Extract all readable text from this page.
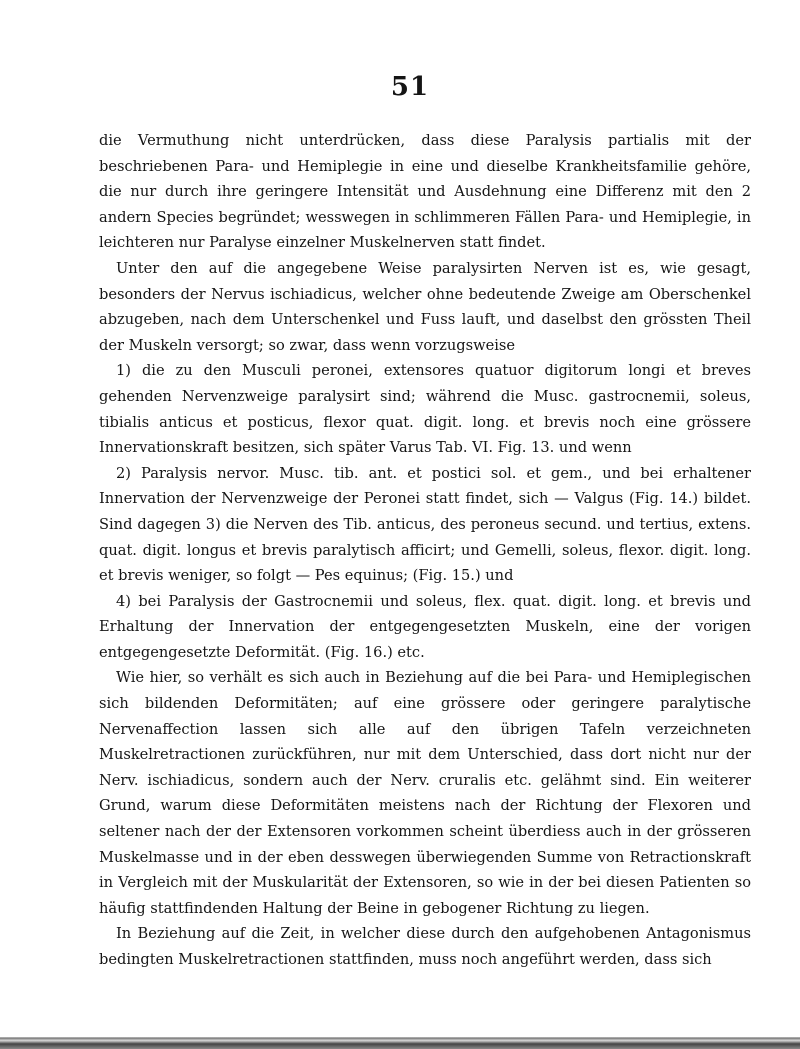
51

die Vermuthung nicht unterdrücken, dass diese Paralysis partialis mit der beschriebenen Para- und Hemiplegie in eine und dieselbe Krankheitsfamilie gehöre, die nur durch ihre geringere Intensität und Ausdehnung eine Differenz mit den 2 andern Species begründet; wesswegen in schlimmeren Fällen Para- und Hemiplegie, in leichteren nur Paralyse einzelner Muskelnerven statt findet.

Unter den auf die angegebene Weise paralysirten Nerven ist es, wie gesagt, besonders der Nervus ischiadicus, welcher ohne bedeutende Zweige am Oberschenkel abzugeben, nach dem Unterschenkel und Fuss lauft, und daselbst den grössten Theil der Muskeln versorgt; so zwar, dass wenn vorzugsweise

1) die zu den Musculi peronei, extensores quatuor digitorum longi et breves gehenden Nervenzweige paralysirt sind; während die Musc. gastrocnemii, soleus, tibialis anticus et posticus, flexor quat. digit. long. et brevis noch eine grössere Innervationskraft besitzen, sich später Varus Tab. VI. Fig. 13. und wenn

2) Paralysis nervor. Musc. tib. ant. et postici sol. et gem., und bei erhaltener Innervation der Nervenzweige der Peronei statt findet, sich — Valgus (Fig. 14.) bildet. Sind dagegen 3) die Nerven des Tib. anticus, des peroneus secund. und tertius, extens. quat. digit. longus et brevis paralytisch afficirt; und Gemelli, soleus, flexor. digit. long. et brevis weniger, so folgt — Pes equinus; (Fig. 15.) und

4) bei Paralysis der Gastrocnemii und soleus, flex. quat. digit. long. et brevis und Erhaltung der Innervation der entgegengesetzten Muskeln, eine der vorigen entgegengesetzte Deformität. (Fig. 16.) etc.

Wie hier, so verhält es sich auch in Beziehung auf die bei Para- und Hemiplegischen sich bildenden Deformitäten; auf eine grössere oder geringere paralytische Nervenaffection lassen sich alle auf den übrigen Tafeln verzeichneten Muskelretractionen zurückführen, nur mit dem Unterschied, dass dort nicht nur der Nerv. ischiadicus, sondern auch der Nerv. cruralis etc. gelähmt sind. Ein weiterer Grund, warum diese Deformitäten meistens nach der Richtung der Flexoren und seltener nach der der Extensoren vorkommen scheint überdiess auch in der grösseren Muskelmasse und in der eben desswegen überwiegenden Summe von Retractionskraft in Vergleich mit der Muskularität der Extensoren, so wie in der bei diesen Patienten so häufig stattfindenden Haltung der Beine in gebogener Richtung zu liegen.

In Beziehung auf die Zeit, in welcher diese durch den aufgehobenen Antagonismus bedingten Muskelretractionen stattfinden, muss noch angeführt werden, dass sich
